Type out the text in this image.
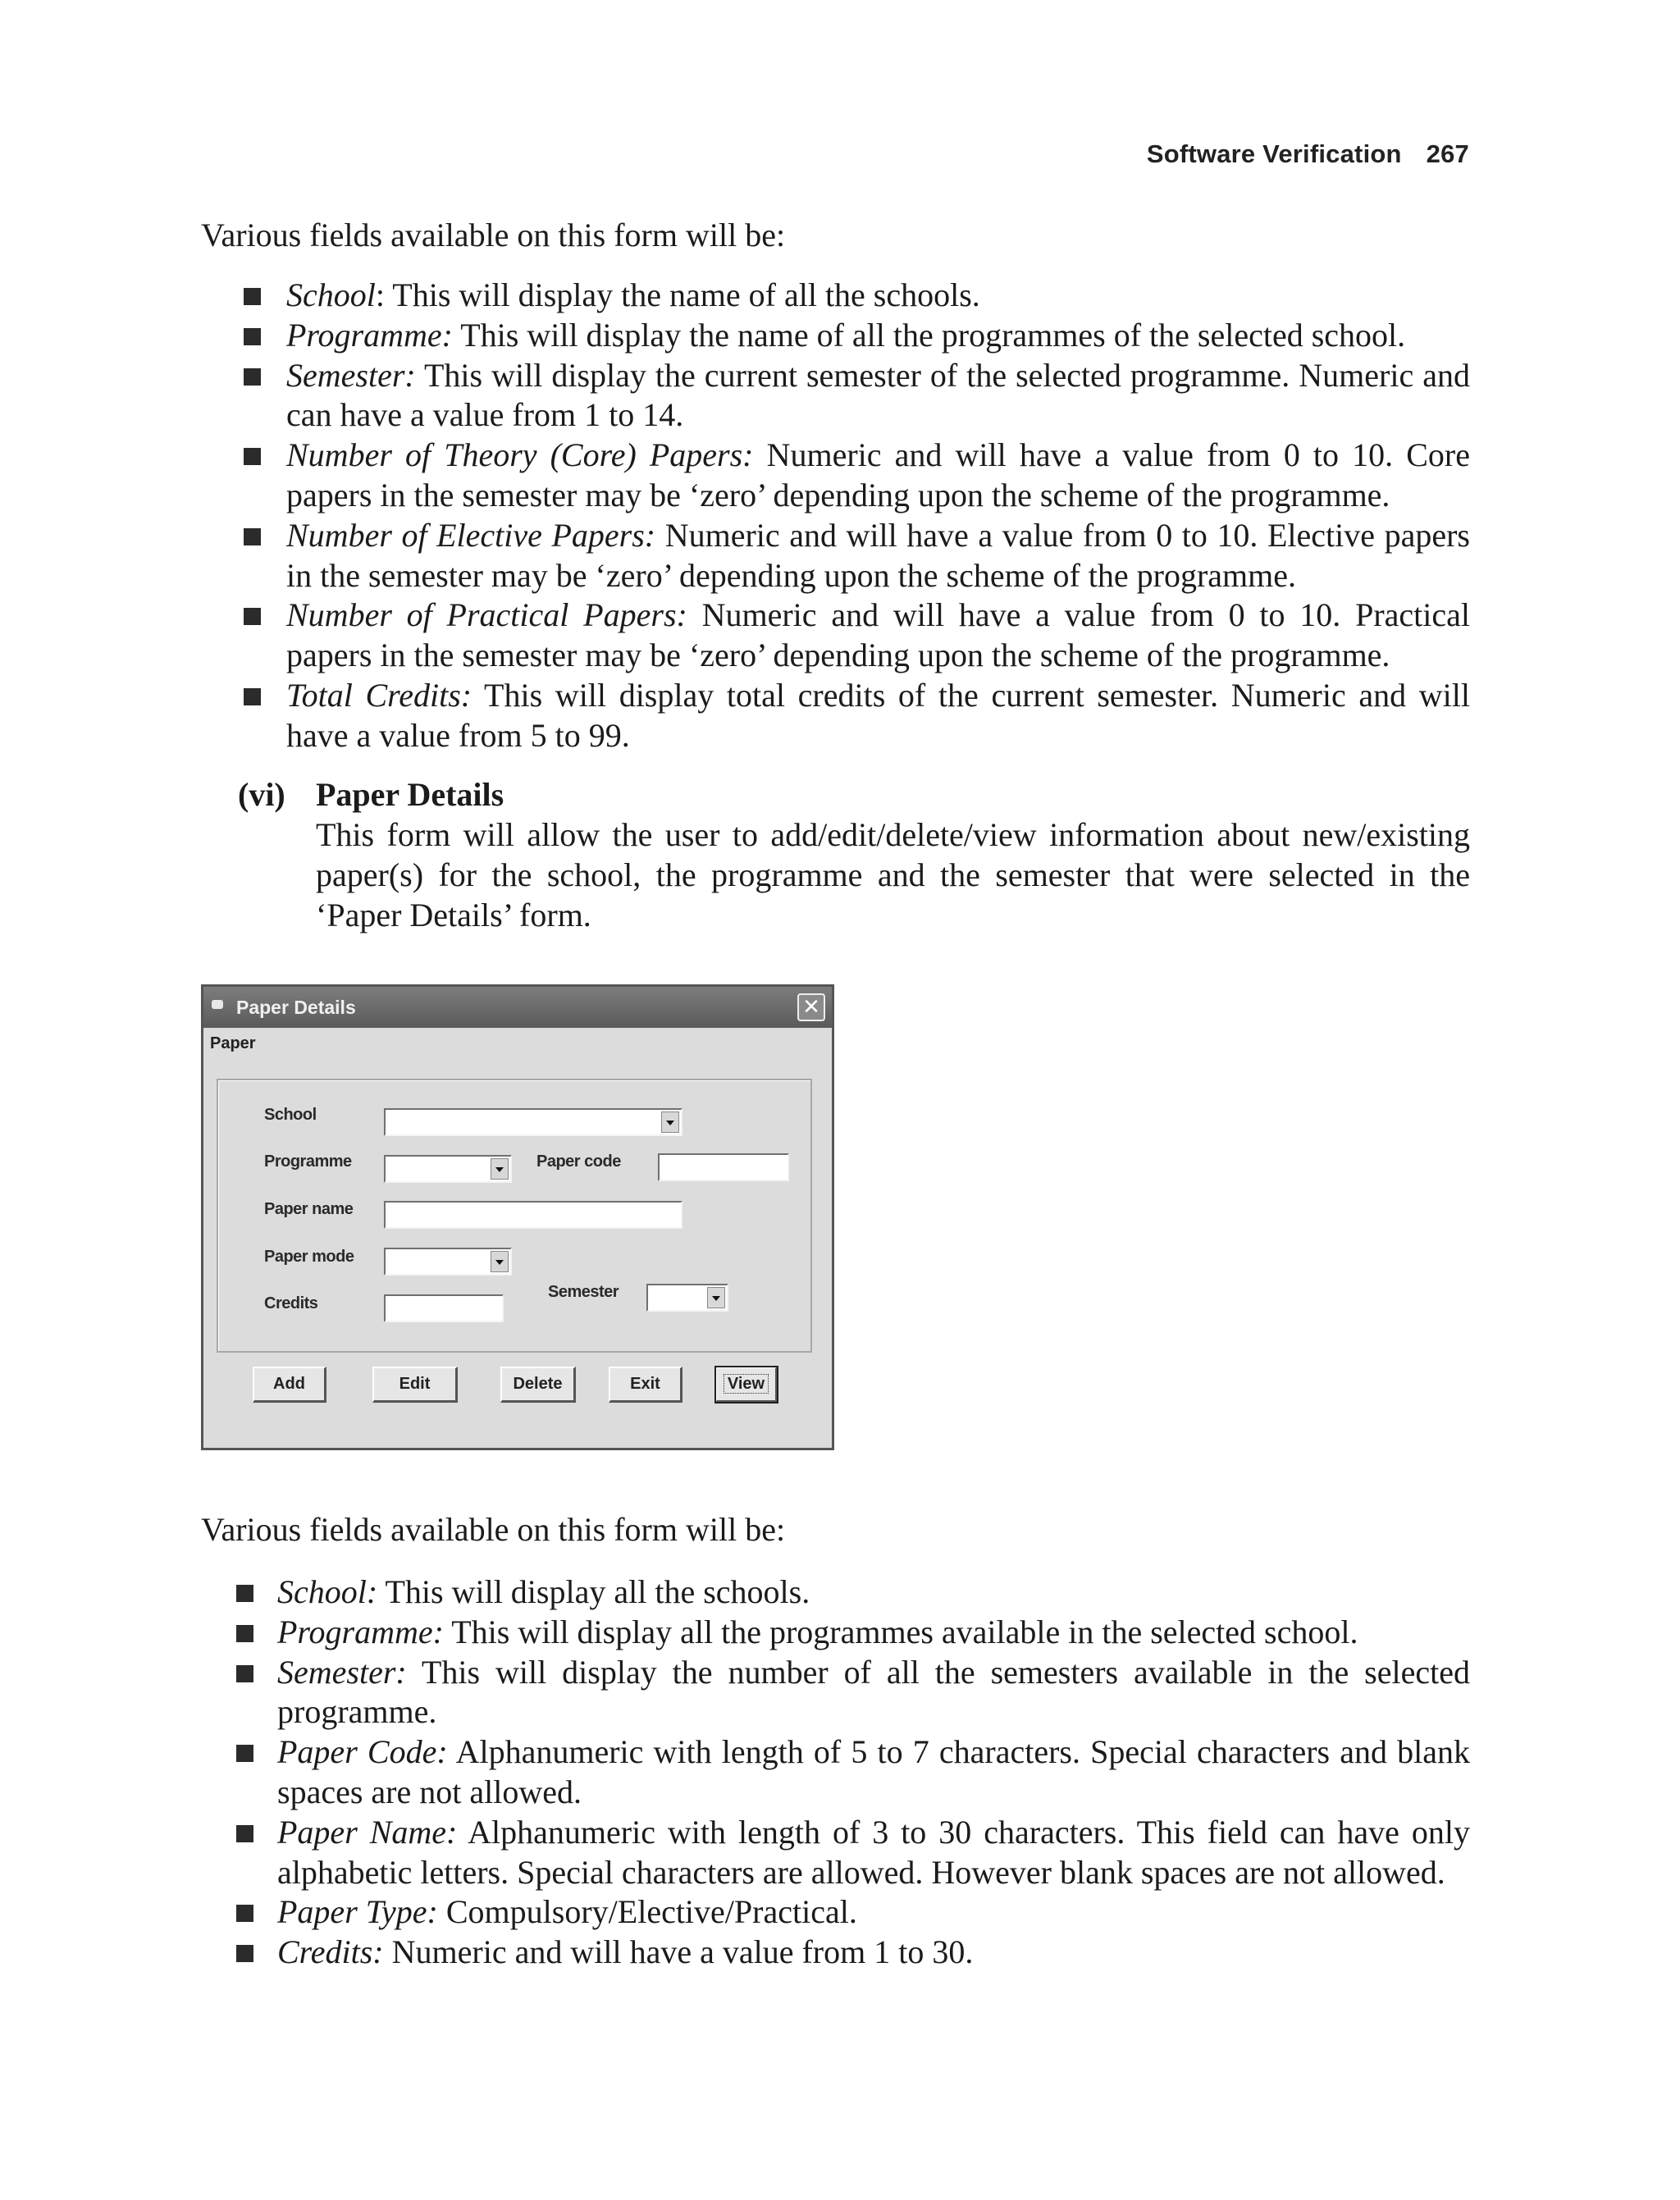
Software Verification 267
Various fields available on this form will be:
School: This will display the name of all the schools.
Programme: This will display the name of all the programmes of the selected school.
Semester: This will display the current semester of the selected programme. Numeric and can have a value from 1 to 14.
Number of Theory (Core) Papers: Numeric and will have a value from 0 to 10. Core papers in the semester may be ‘zero’ depending upon the scheme of the programme.
Number of Elective Papers: Numeric and will have a value from 0 to 10. Elective papers in the semester may be ‘zero’ depending upon the scheme of the programme.
Number of Practical Papers: Numeric and will have a value from 0 to 10. Practical papers in the semester may be ‘zero’ depending upon the scheme of the programme.
Total Credits: This will display total credits of the current semester. Numeric and will have a value from 5 to 99.
(vi) Paper Details
This form will allow the user to add/edit/delete/view information about new/existing paper(s) for the school, the programme and the semester that were selected in the ‘Paper Details’ form.
Paper Details	✕
Paper
School
Programme	Paper code
Paper name
Paper mode
Credits
Semester
Add	Edit	Delete	Exit	View
Various fields available on this form will be:
School: This will display all the schools.
Programme: This will display all the programmes available in the selected school.
Semester: This will display the number of all the semesters available in the selected programme.
Paper Code: Alphanumeric with length of 5 to 7 characters. Special characters and blank spaces are not allowed.
Paper Name: Alphanumeric with length of 3 to 30 characters. This field can have only alphabetic letters. Special characters are allowed. However blank spaces are not allowed.
Paper Type: Compulsory/Elective/Practical.
Credits: Numeric and will have a value from 1 to 30.
